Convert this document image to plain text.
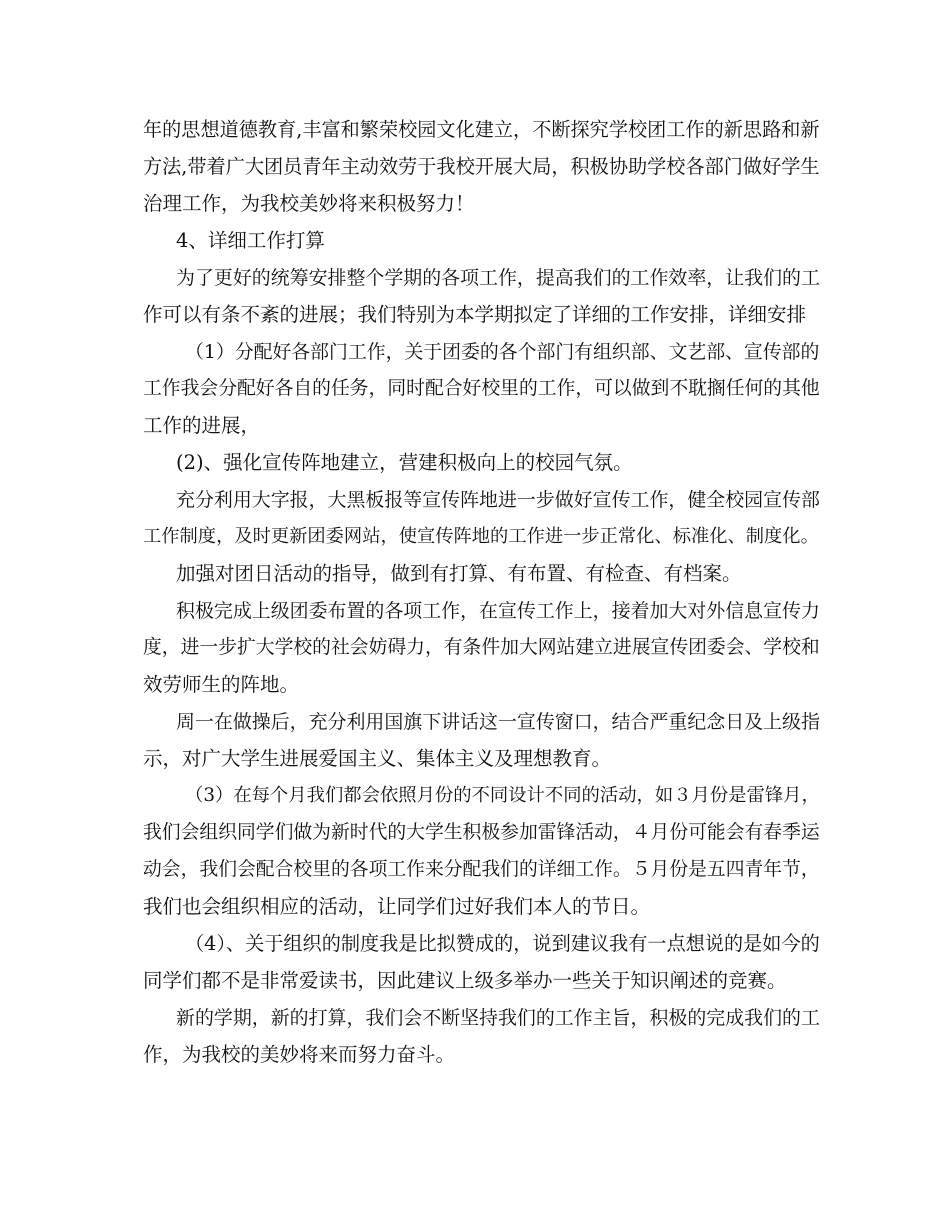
年的思想道德教育,丰富和繁荣校园文化建立，不断探究学校团工作的新思路和新
方法,带着广大团员青年主动效劳于我校开展大局，积极协助学校各部门做好学生
治理工作，为我校美妙将来积极努力！
4、详细工作打算
为了更好的统筹安排整个学期的各项工作，提高我们的工作效率，让我们的工
作可以有条不紊的进展；我们特别为本学期拟定了详细的工作安排，详细安排
（1）分配好各部门工作，关于团委的各个部门有组织部、文艺部、宣传部的
工作我会分配好各自的任务，同时配合好校里的工作，可以做到不耽搁任何的其他
工作的进展，
(2)、强化宣传阵地建立，营建积极向上的校园气氛。
充分利用大字报，大黑板报等宣传阵地进一步做好宣传工作，健全校园宣传部
工作制度，及时更新团委网站，使宣传阵地的工作进一步正常化、标准化、制度化。
加强对团日活动的指导，做到有打算、有布置、有检查、有档案。
积极完成上级团委布置的各项工作，在宣传工作上，接着加大对外信息宣传力
度，进一步扩大学校的社会妨碍力，有条件加大网站建立进展宣传团委会、学校和
效劳师生的阵地。
周一在做操后，充分利用国旗下讲话这一宣传窗口，结合严重纪念日及上级指
示，对广大学生进展爱国主义、集体主义及理想教育。
（3）在每个月我们都会依照月份的不同设计不同的活动，如３月份是雷锋月，
我们会组织同学们做为新时代的大学生积极参加雷锋活动，４月份可能会有春季运
动会，我们会配合校里的各项工作来分配我们的详细工作。５月份是五四青年节，
我们也会组织相应的活动，让同学们过好我们本人的节日。
（4）、关于组织的制度我是比拟赞成的，说到建议我有一点想说的是如今的
同学们都不是非常爱读书，因此建议上级多举办一些关于知识阐述的竞赛。
新的学期，新的打算，我们会不断坚持我们的工作主旨，积极的完成我们的工
作，为我校的美妙将来而努力奋斗。
